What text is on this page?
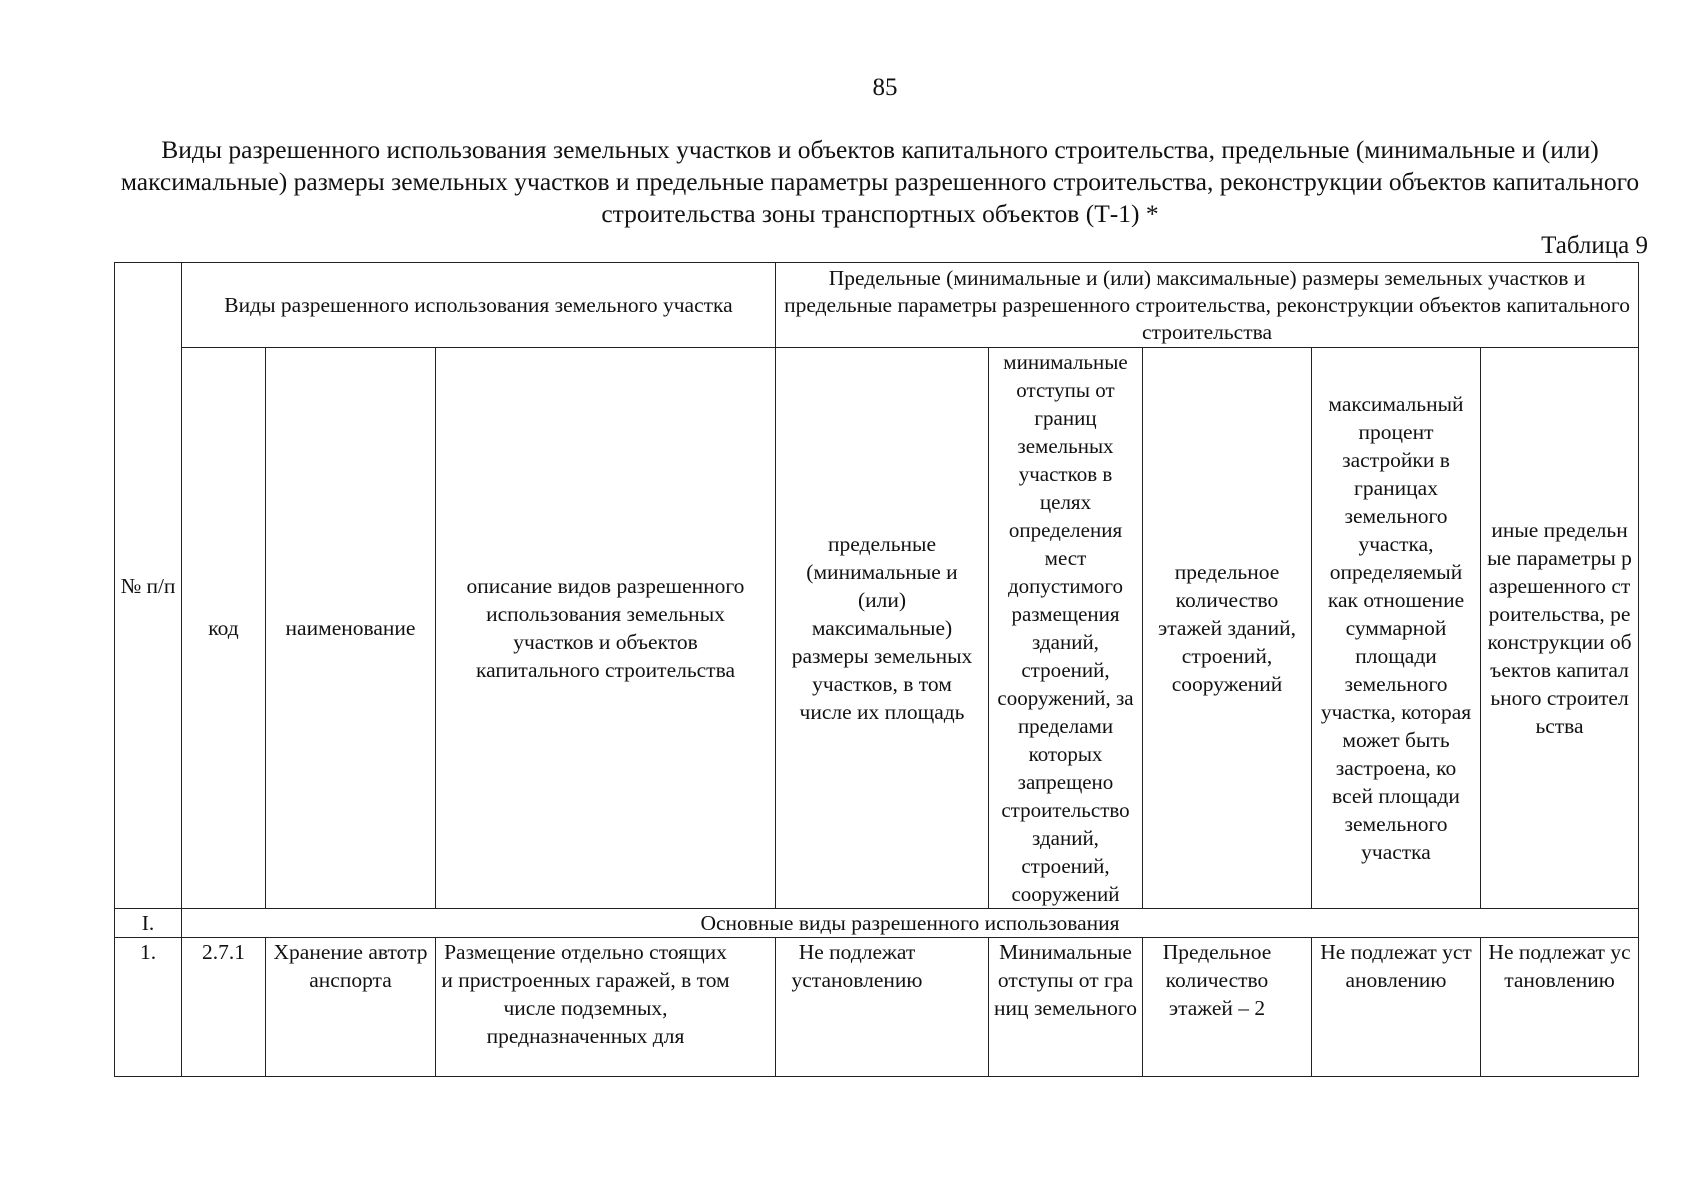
85
Виды разрешенного использования земельных участков и объектов капитального строительства, предельные (минимальные и (или) максимальные) размеры земельных участков и предельные параметры разрешенного строительства, реконструкции объектов капитального строительства зоны транспортных объектов (Т-1) *
Таблица 9
№ п/п	Виды разрешенного использования земельного участка			Предельные (минимальные и (или) максимальные) размеры земельных участков и предельные параметры разрешенного строительства, реконструкции объектов капитального строительства				
	код	наименование	описание видов разрешенного использования земельных участков и объектов капитального строительства	предельные (минимальные и (или) максимальные) размеры земельных участков, в том числе их площадь	минимальные отступы от границ земельных участков в целях определения мест допустимого размещения зданий, строений, сооружений, за пределами которых запрещено строительство зданий, строений, сооружений	предельное количество этажей зданий, строений, сооружений	максимальный процент застройки в границах земельного участка, определяемый как отношение суммарной площади земельного участка, которая может быть застроена, ко всей площади земельного участка	иные предельные параметры разрешенного строительства, реконструкции объектов капитального строительства
I.	Основные виды разрешенного использования							

1.	2.7.1	Хранение автотранспорта	Размещение отдельно стоящих и пристроенных гаражей, в том числе подземных, предназначенных для	Не подлежат установлению	Минимальные отступы от границ земельного	Предельное количество этажей – 2	Не подлежат установлению	Не подлежат установлению
